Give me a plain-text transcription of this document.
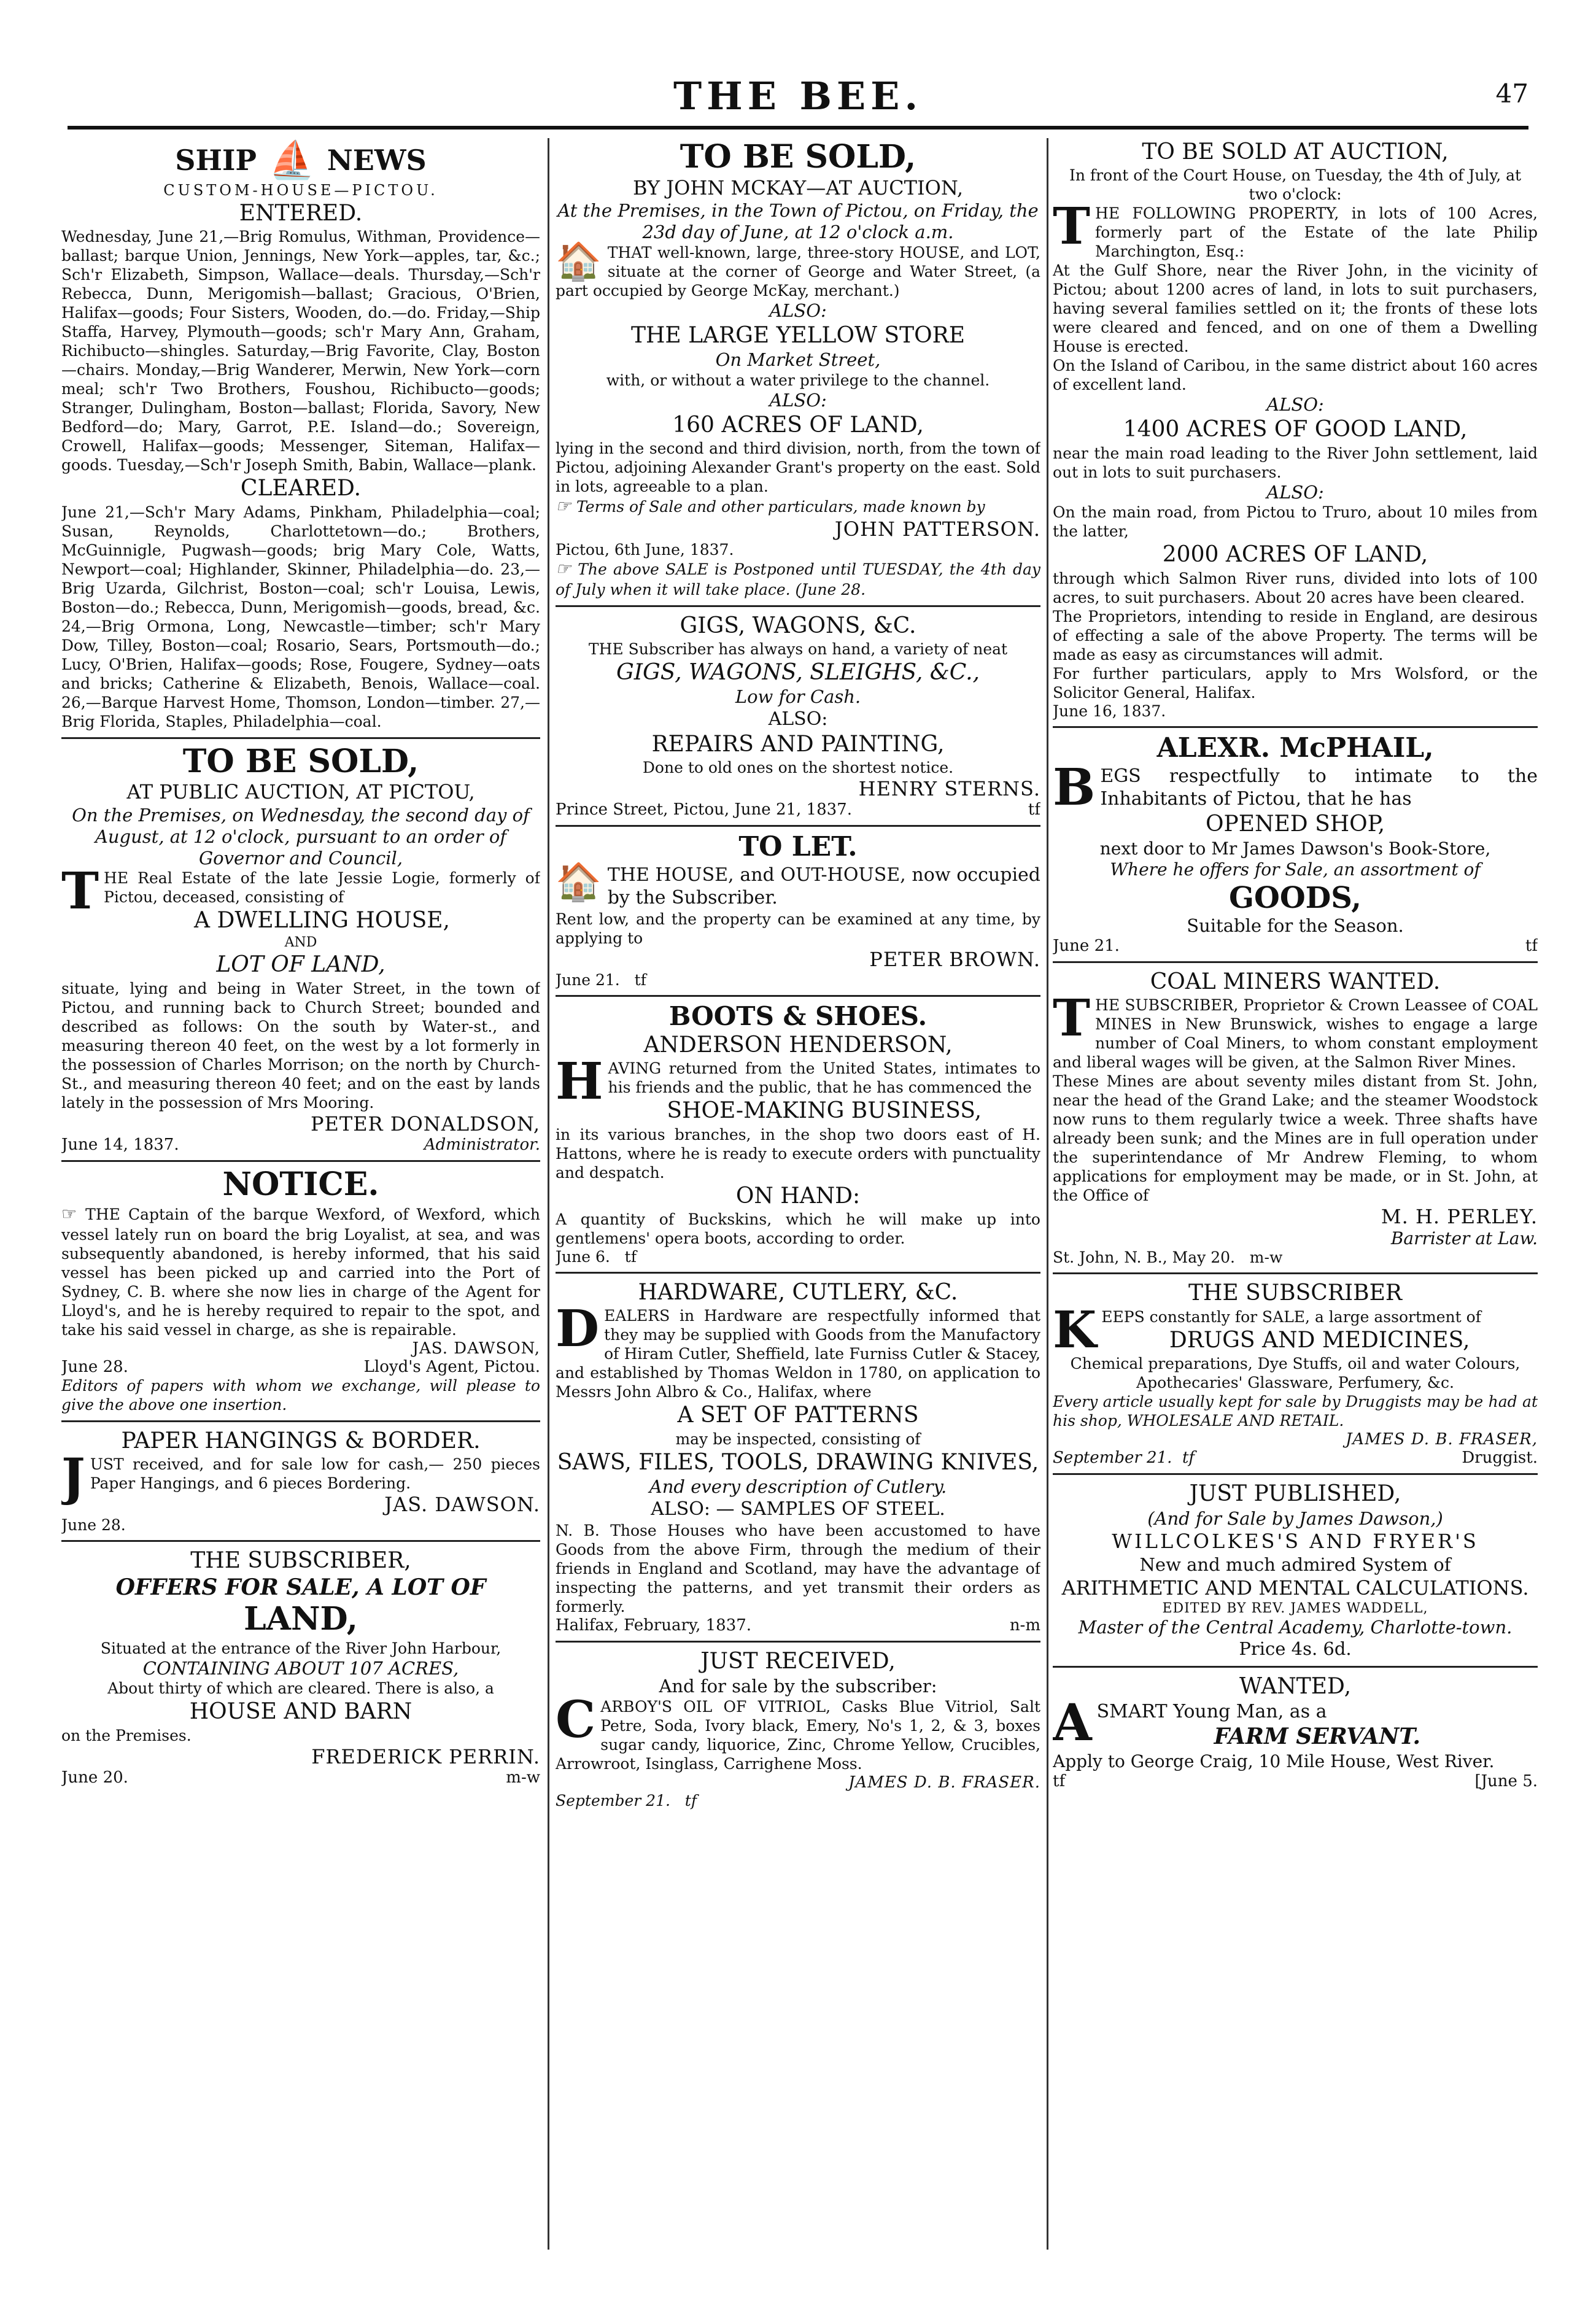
THE BEE.	47
SHIP ⛵ NEWS
CUSTOM-HOUSE—PICTOU.
ENTERED.

Wednesday, June 21,—Brig Romulus, Withman, Providence—ballast; barque Union, Jennings, New York—apples, tar, &c.; Sch'r Elizabeth, Simpson, Wallace—deals. Thursday,—Sch'r Rebecca, Dunn, Merigomish—ballast; Gracious, O'Brien, Halifax—goods; Four Sisters, Wooden, do.—do. Friday,—Ship Staffa, Harvey, Plymouth—goods; sch'r Mary Ann, Graham, Richibucto—shingles. Saturday,—Brig Favorite, Clay, Boston—chairs. Monday,—Brig Wanderer, Merwin, New York—corn meal; sch'r Two Brothers, Foushou, Richibucto—goods; Stranger, Dulingham, Boston—ballast; Florida, Savory, New Bedford—do; Mary, Garrot, P.E. Island—do.; Sovereign, Crowell, Halifax—goods; Messenger, Siteman, Halifax—goods. Tuesday,—Sch'r Joseph Smith, Babin, Wallace—plank.

CLEARED.

June 21,—Sch'r Mary Adams, Pinkham, Philadelphia—coal; Susan, Reynolds, Charlottetown—do.; Brothers, McGuinnigle, Pugwash—goods; brig Mary Cole, Watts, Newport—coal; Highlander, Skinner, Philadelphia—do. 23,—Brig Uzarda, Gilchrist, Boston—coal; sch'r Louisa, Lewis, Boston—do.; Rebecca, Dunn, Merigomish—goods, bread, &c. 24,—Brig Ormona, Long, Newcastle—timber; sch'r Mary Dow, Tilley, Boston—coal; Rosario, Sears, Portsmouth—do.; Lucy, O'Brien, Halifax—goods; Rose, Fougere, Sydney—oats and bricks; Catherine & Elizabeth, Benois, Wallace—coal. 26,—Barque Harvest Home, Thomson, London—timber. 27,—Brig Florida, Staples, Philadelphia—coal.

TO BE SOLD,
AT PUBLIC AUCTION, AT PICTOU,
On the Premises, on Wednesday, the second day of August, at 12 o'clock, pursuant to an order of Governor and Council,

THE Real Estate of the late Jessie Logie, formerly of Pictou, deceased, consisting of

A DWELLING HOUSE,
AND
LOT OF LAND,

situate, lying and being in Water Street, in the town of Pictou, and running back to Church Street; bounded and described as follows: On the south by Water-st., and measuring thereon 40 feet, on the west by a lot formerly in the possession of Charles Morrison; on the north by Church-St., and measuring thereon 40 feet; and on the east by lands lately in the possession of Mrs Mooring.

PETER DONALDSON,
June 14, 1837.	Administrator.
NOTICE.

☞ THE Captain of the barque Wexford, of Wexford, which vessel lately run on board the brig Loyalist, at sea, and was subsequently abandoned, is hereby informed, that his said vessel has been picked up and carried into the Port of Sydney, C. B. where she now lies in charge of the Agent for Lloyd's, and he is hereby required to repair to the spot, and take his said vessel in charge, as she is repairable.

JAS. DAWSON,
June 28.	Lloyd's Agent, Pictou.

Editors of papers with whom we exchange, will please to give the above one insertion.

PAPER HANGINGS & BORDER.

JUST received, and for sale low for cash,— 250 pieces Paper Hangings, and 6 pieces Bordering.

JAS. DAWSON.
June 28.
THE SUBSCRIBER,
OFFERS FOR SALE, A LOT OF
LAND,

Situated at the entrance of the River John Harbour,

CONTAINING ABOUT 107 ACRES,

About thirty of which are cleared. There is also, a

HOUSE AND BARN

on the Premises.

FREDERICK PERRIN.
June 20.	m-w
TO BE SOLD,
BY JOHN MCKAY—AT AUCTION,
At the Premises, in the Town of Pictou, on Friday, the 23d day of June, at 12 o'clock a.m.

🏠 THAT well-known, large, three-story HOUSE, and LOT, situate at the corner of George and Water Street, (a part occupied by George McKay, merchant.)

ALSO:
THE LARGE YELLOW STORE
On Market Street,

with, or without a water privilege to the channel.

ALSO:
160 ACRES OF LAND,

lying in the second and third division, north, from the town of Pictou, adjoining Alexander Grant's property on the east. Sold in lots, agreeable to a plan.

☞ Terms of Sale and other particulars, made known by

JOHN PATTERSON.
Pictou, 6th June, 1837.

☞ The above SALE is Postponed until TUESDAY, the 4th day of July when it will take place. (June 28.

GIGS, WAGONS, &C.

THE Subscriber has always on hand, a variety of neat

GIGS, WAGONS, SLEIGHS, &C.,
Low for Cash.
ALSO:
REPAIRS AND PAINTING,

Done to old ones on the shortest notice.

HENRY STERNS.
Prince Street, Pictou, June 21, 1837.	tf
TO LET.

🏠 THE HOUSE, and OUT-HOUSE, now occupied by the Subscriber.

Rent low, and the property can be examined at any time, by applying to

PETER BROWN.
June 21. tf
BOOTS & SHOES.
ANDERSON HENDERSON,

HAVING returned from the United States, intimates to his friends and the public, that he has commenced the

SHOE-MAKING BUSINESS,

in its various branches, in the shop two doors east of H. Hattons, where he is ready to execute orders with punctuality and despatch.

ON HAND:

A quantity of Buckskins, which he will make up into gentlemens' opera boots, according to order.

June 6. tf
HARDWARE, CUTLERY, &C.

DEALERS in Hardware are respectfully informed that they may be supplied with Goods from the Manufactory of Hiram Cutler, Sheffield, late Furniss Cutler & Stacey, and established by Thomas Weldon in 1780, on application to Messrs John Albro & Co., Halifax, where

A SET OF PATTERNS

may be inspected, consisting of

SAWS, FILES, TOOLS, DRAWING KNIVES,
And every description of Cutlery.
ALSO: — SAMPLES OF STEEL.

N. B. Those Houses who have been accustomed to have Goods from the above Firm, through the medium of their friends in England and Scotland, may have the advantage of inspecting the patterns, and yet transmit their orders as formerly.

Halifax, February, 1837.	n-m
JUST RECEIVED,
And for sale by the subscriber:

CARBOY'S OIL OF VITRIOL, Casks Blue Vitriol, Salt Petre, Soda, Ivory black, Emery, No's 1, 2, & 3, boxes sugar candy, liquorice, Zinc, Chrome Yellow, Crucibles, Arrowroot, Isinglass, Carrighene Moss.

JAMES D. B. FRASER.
September 21. tf
TO BE SOLD AT AUCTION,

In front of the Court House, on Tuesday, the 4th of July, at two o'clock:

THE FOLLOWING PROPERTY, in lots of 100 Acres, formerly part of the Estate of the late Philip Marchington, Esq.:

At the Gulf Shore, near the River John, in the vicinity of Pictou; about 1200 acres of land, in lots to suit purchasers, having several families settled on it; the fronts of these lots were cleared and fenced, and on one of them a Dwelling House is erected.

On the Island of Caribou, in the same district about 160 acres of excellent land.

ALSO:
1400 ACRES OF GOOD LAND,

near the main road leading to the River John settlement, laid out in lots to suit purchasers.

ALSO:

On the main road, from Pictou to Truro, about 10 miles from the latter,

2000 ACRES OF LAND,

through which Salmon River runs, divided into lots of 100 acres, to suit purchasers. About 20 acres have been cleared.

The Proprietors, intending to reside in England, are desirous of effecting a sale of the above Property. The terms will be made as easy as circumstances will admit.

For further particulars, apply to Mrs Wolsford, or the Solicitor General, Halifax.

June 16, 1837.
ALEXR. McPHAIL,

BEGS respectfully to intimate to the Inhabitants of Pictou, that he has

OPENED SHOP,

next door to Mr James Dawson's Book-Store,

Where he offers for Sale, an assortment of

GOODS,
Suitable for the Season.
June 21.	tf
COAL MINERS WANTED.

THE SUBSCRIBER, Proprietor & Crown Leassee of COAL MINES in New Brunswick, wishes to engage a large number of Coal Miners, to whom constant employment and liberal wages will be given, at the Salmon River Mines.

These Mines are about seventy miles distant from St. John, near the head of the Grand Lake; and the steamer Woodstock now runs to them regularly twice a week. Three shafts have already been sunk; and the Mines are in full operation under the superintendance of Mr Andrew Fleming, to whom applications for employment may be made, or in St. John, at the Office of

M. H. PERLEY.
Barrister at Law.
St. John, N. B., May 20. m-w
THE SUBSCRIBER

KEEPS constantly for SALE, a large assortment of

DRUGS AND MEDICINES,

Chemical preparations, Dye Stuffs, oil and water Colours, Apothecaries' Glassware, Perfumery, &c.

Every article usually kept for sale by Druggists may be had at his shop, WHOLESALE AND RETAIL.

JAMES D. B. FRASER,
September 21. tf	Druggist.
JUST PUBLISHED,
(And for Sale by James Dawson,)
WILLCOLKES'S AND FRYER'S
New and much admired System of
ARITHMETIC AND MENTAL CALCULATIONS.
EDITED BY REV. JAMES WADDELL,
Master of the Central Academy, Charlotte-town.
Price 4s. 6d.
WANTED,

ASMART Young Man, as a

FARM SERVANT.

Apply to George Craig, 10 Mile House, West River.

tf	[June 5.
